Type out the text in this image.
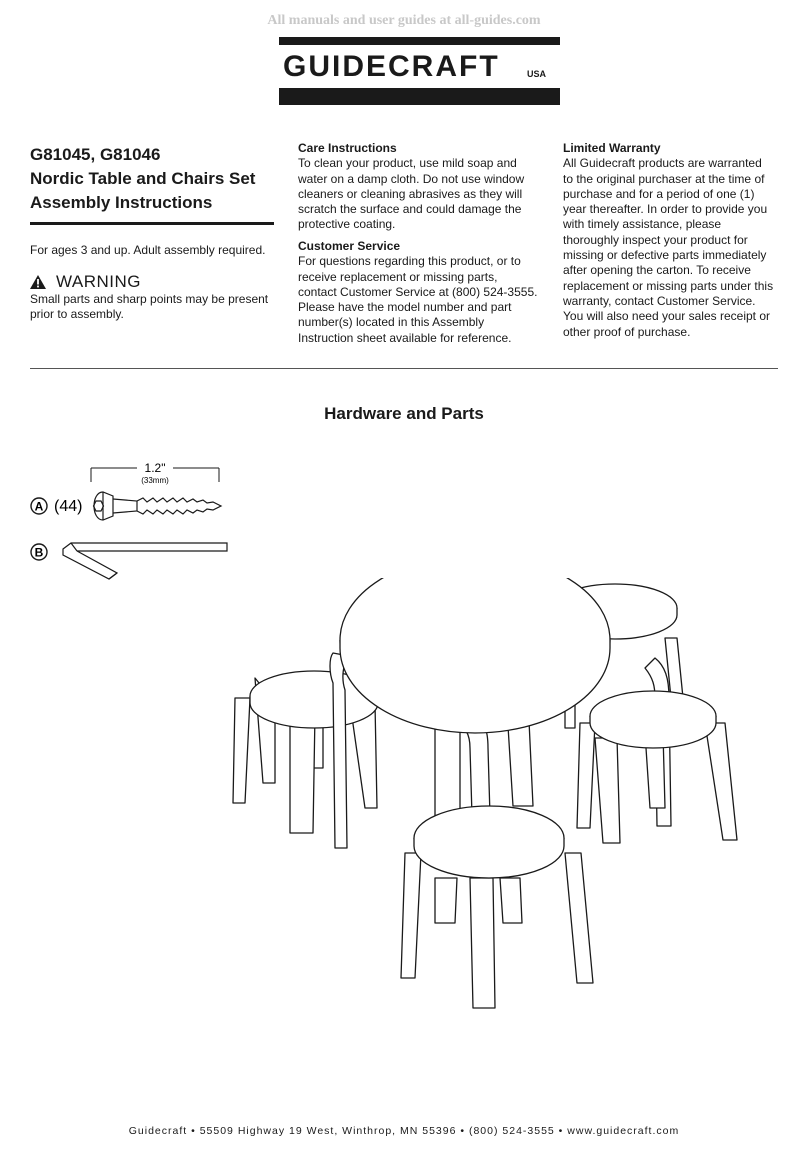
All manuals and user guides at all-guides.com
GUIDECRAFT	USA
G81045, G81046
Nordic Table and Chairs Set
Assembly Instructions
For ages 3 and up. Adult assembly required.
WARNING
Small parts and sharp points may be present prior to assembly.
Care Instructions

To clean your product, use mild soap and water on a damp cloth. Do not use window cleaners or cleaning abrasives as they will scratch the surface and could damage the protective coating.

Customer Service

For questions regarding this product, or to receive replacement or missing parts, contact Customer Service at (800) 524-3555. Please have the model number and part number(s) located in this Assembly Instruction sheet available for reference.

Limited Warranty

All Guidecraft products are warranted to the original purchaser at the time of purchase and for a period of one (1) year thereafter. In order to provide you with timely assistance, please thoroughly inspect your product for missing or defective parts immediately after opening the carton. To receive replacement or missing parts under this warranty, contact Customer Service. You will also need your sales receipt or other proof of purchase.

Hardware and Parts
1.2"
(33mm)
A (44)
B
Guidecraft • 55509 Highway 19 West, Winthrop, MN 55396 • (800) 524-3555 • www.guidecraft.com
